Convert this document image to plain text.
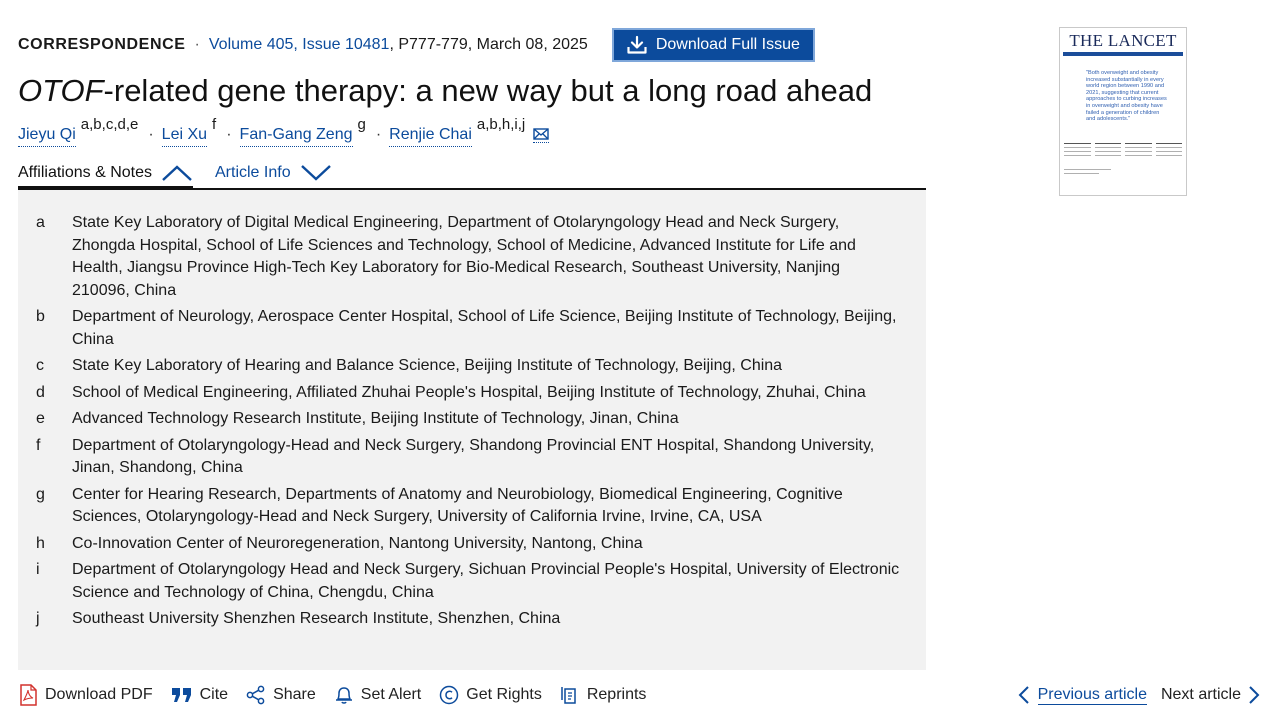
CORRESPONDENCE · Volume 405, Issue 10481 , P777-779, March 08, 2025	Download Full Issue
OTOF-related gene therapy: a new way but a long road ahead
Jieyu Qi
$^{a,b,c,d,e}$
· Lei Xu
$^f$
· Fan-Gang Zeng
$^g$
· Renjie Chai
$^{a,b,h,i,j}$
Affiliations & Notes	Article Info
a	State Key Laboratory of Digital Medical Engineering, Department of Otolaryngology Head and Neck Surgery, Zhongda Hospital, School of Life Sciences and Technology, School of Medicine, Advanced Institute for Life and Health, Jiangsu Province High-Tech Key Laboratory for Bio-Medical Research, Southeast University, Nanjing 210096, China
b	Department of Neurology, Aerospace Center Hospital, School of Life Science, Beijing Institute of Technology, Beijing, China
c	State Key Laboratory of Hearing and Balance Science, Beijing Institute of Technology, Beijing, China
d	School of Medical Engineering, Affiliated Zhuhai People's Hospital, Beijing Institute of Technology, Zhuhai, China
e	Advanced Technology Research Institute, Beijing Institute of Technology, Jinan, China
f	Department of Otolaryngology-Head and Neck Surgery, Shandong Provincial ENT Hospital, Shandong University, Jinan, Shandong, China
g	Center for Hearing Research, Departments of Anatomy and Neurobiology, Biomedical Engineering, Cognitive Sciences, Otolaryngology-Head and Neck Surgery, University of California Irvine, Irvine, CA, USA
h	Co-Innovation Center of Neuroregeneration, Nantong University, Nantong, China
i	Department of Otolaryngology Head and Neck Surgery, Sichuan Provincial People's Hospital, University of Electronic Science and Technology of China, Chengdu, China
j	Southeast University Shenzhen Research Institute, Shenzhen, China
THE LANCET
"Both overweight and obesity increased substantially in every world region between 1990 and 2021, suggesting that current approaches to curbing increases in overweight and obesity have failed a generation of children and adolescents."
Download PDF	Cite	Share	Set Alert	Get Rights	Reprints	Previous article Next article
